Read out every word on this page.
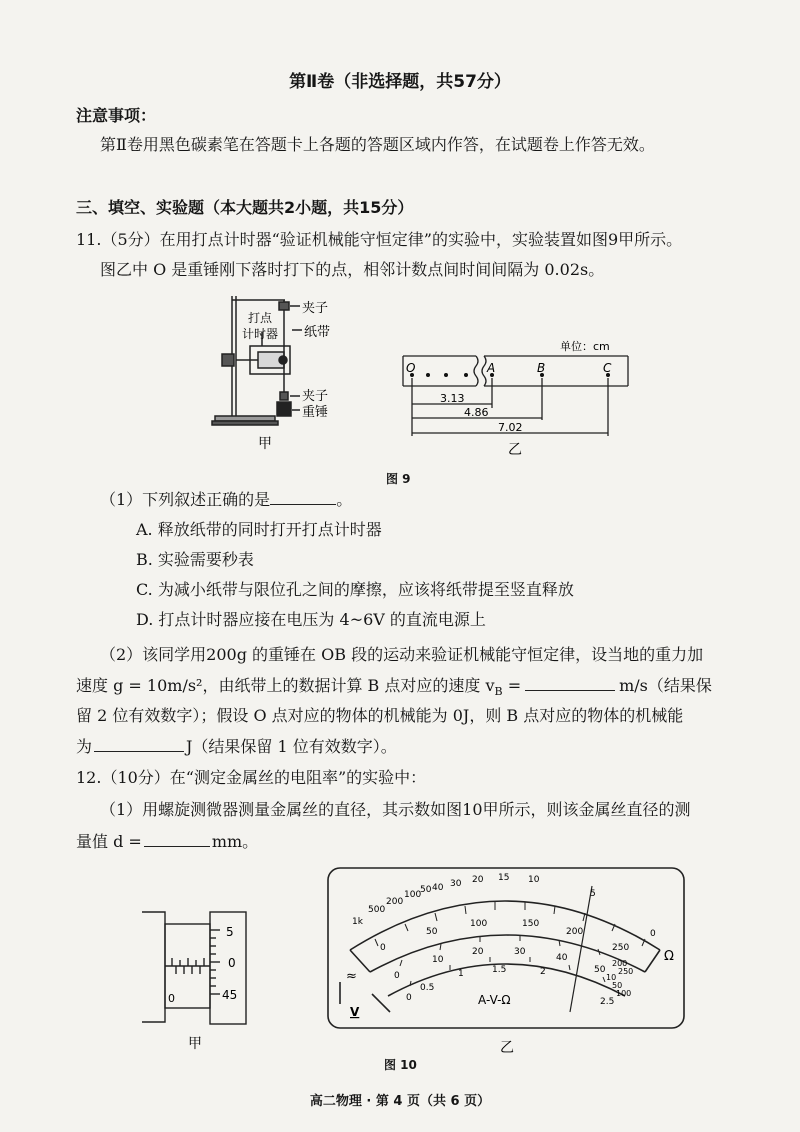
第Ⅱ卷（非选择题，共57分）
注意事项：
第Ⅱ卷用黑色碳素笔在答题卡上各题的答题区域内作答，在试题卷上作答无效。
三、填空、实验题（本大题共2小题，共15分）
11.（5分）在用打点计时器“验证机械能守恒定律”的实验中，实验装置如图9甲所示。
图乙中 O 是重锤刚下落时打下的点，相邻计数点间时间间隔为 0.02s。
夹子
打点
计时器 纸带
夹子
重锤
甲
单位：cm
O	A	B	C
3.13
4.86
7.02
乙
图 9
（1）下列叙述正确的是	。
A. 释放纸带的同时打开打点计时器
B. 实验需要秒表
C. 为减小纸带与限位孔之间的摩擦，应该将纸带提至竖直释放
D. 打点计时器应接在电压为 4~6V 的直流电源上
（2）该同学用200g 的重锤在 OB 段的运动来验证机械能守恒定律，设当地的重力加
速度 g = 10m/s²，由纸带上的数据计算 B 点对应的速度 $v_B$ =	m/s（结果保
留 2 位有效数字）；假设 O 点对应的物体的机械能为 0J，则 B 点对应的物体的机械能
为	J（结果保留 1 位有效数字）。
12.（10分）在“测定金属丝的电阻率”的实验中：
（1）用螺旋测微器测量金属丝的直径，其示数如图10甲所示，则该金属丝直径的测
量值 d =	mm。
5
0
45
0
甲
1k
500
200
100
50 40 30 20 15 10
5
0
0
50
100	150
200
250
0
10
20	30
40
50
0
0.5
1	1.5	2
2.5
10
50
100
200
250
Ω
≈
V
A-V-Ω
乙
图 10
高二物理 · 第 4 页（共 6 页）
